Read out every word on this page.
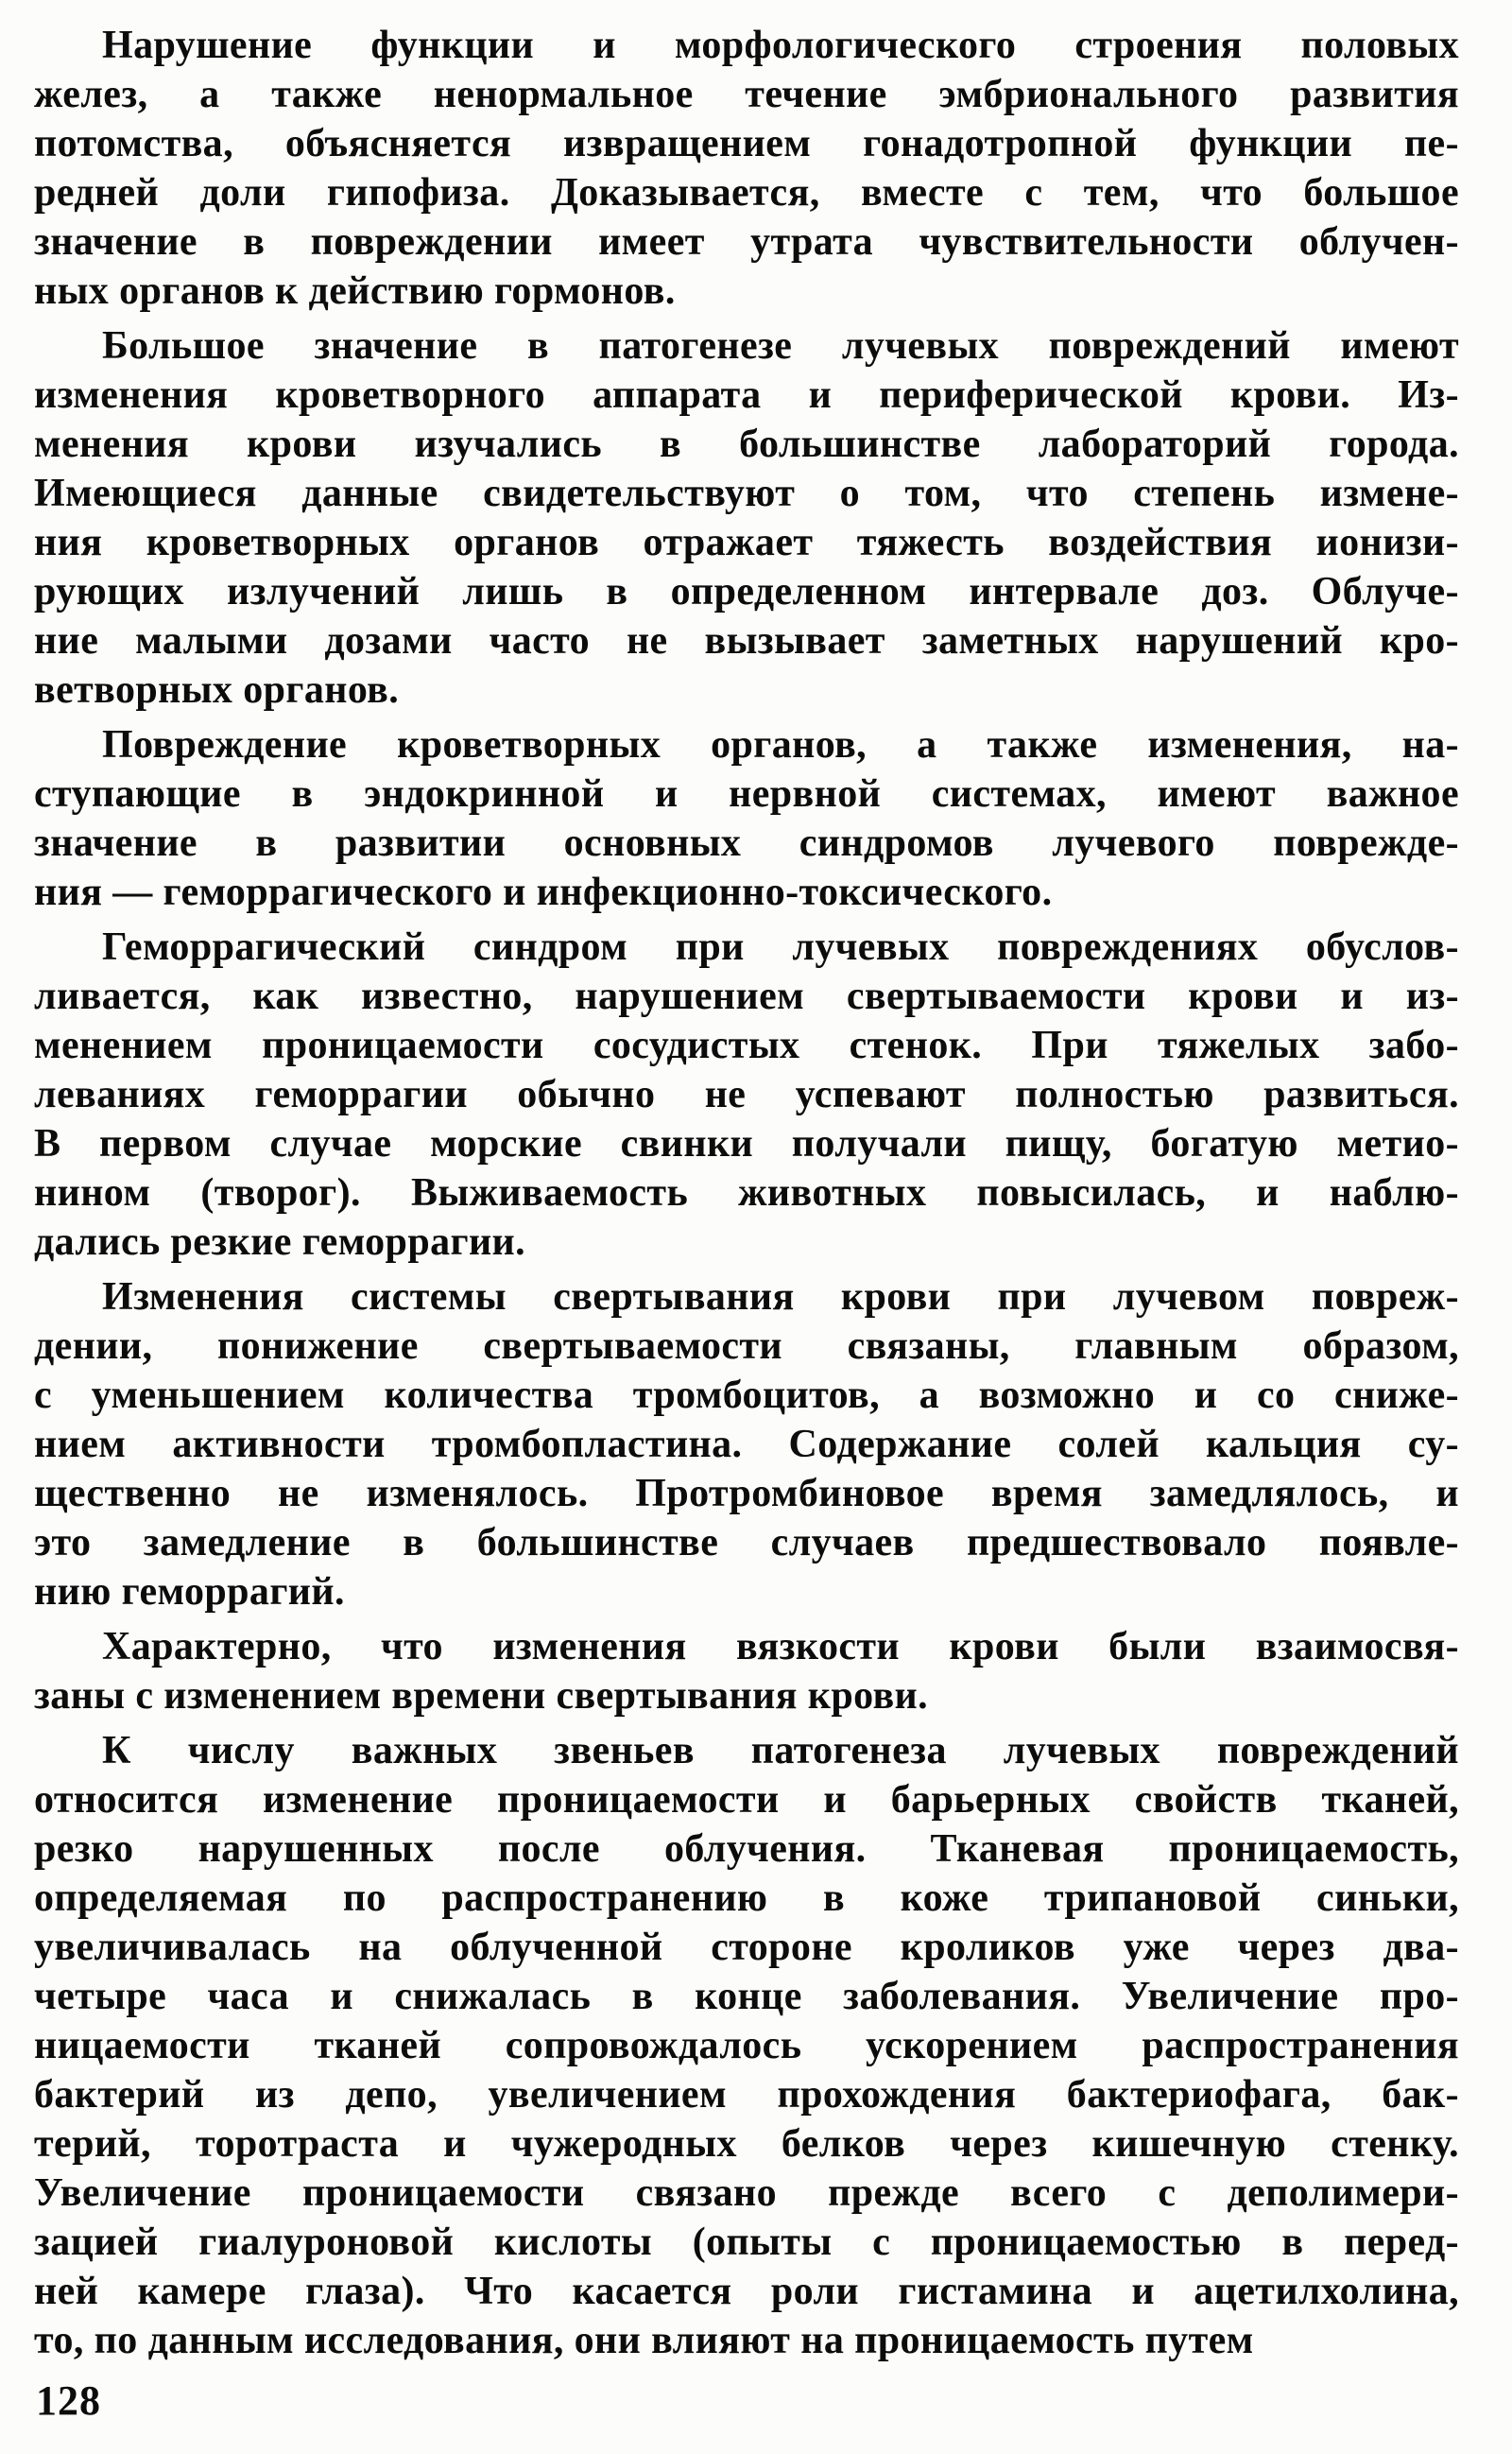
Нарушение функции и морфологического строения половых
желез, а также ненормальное течение эмбрионального развития
потомства, объясняется извращением гонадотропной функции пе-
редней доли гипофиза. Доказывается, вместе с тем, что большое
значение в повреждении имеет утрата чувствительности облучен-
ных органов к действию гормонов.
Большое значение в патогенезе лучевых повреждений имеют
изменения кроветворного аппарата и периферической крови. Из-
менения крови изучались в большинстве лабораторий города.
Имеющиеся данные свидетельствуют о том, что степень измене-
ния кроветворных органов отражает тяжесть воздействия ионизи-
рующих излучений лишь в определенном интервале доз. Облуче-
ние малыми дозами часто не вызывает заметных нарушений кро-
ветворных органов.
Повреждение кроветворных органов, а также изменения, на-
ступающие в эндокринной и нервной системах, имеют важное
значение в развитии основных синдромов лучевого поврежде-
ния — геморрагического и инфекционно-токсического.
Геморрагический синдром при лучевых повреждениях обуслов-
ливается, как известно, нарушением свертываемости крови и из-
менением проницаемости сосудистых стенок. При тяжелых забо-
леваниях геморрагии обычно не успевают полностью развиться.
В первом случае морские свинки получали пищу, богатую метио-
нином (творог). Выживаемость животных повысилась, и наблю-
дались резкие геморрагии.
Изменения системы свертывания крови при лучевом повреж-
дении, понижение свертываемости связаны, главным образом,
с уменьшением количества тромбоцитов, а возможно и со сниже-
нием активности тромбопластина. Содержание солей кальция су-
щественно не изменялось. Протромбиновое время замедлялось, и
это замедление в большинстве случаев предшествовало появле-
нию геморрагий.
Характерно, что изменения вязкости крови были взаимосвя-
заны с изменением времени свертывания крови.
К числу важных звеньев патогенеза лучевых повреждений
относится изменение проницаемости и барьерных свойств тканей,
резко нарушенных после облучения. Тканевая проницаемость,
определяемая по распространению в коже трипановой синьки,
увеличивалась на облученной стороне кроликов уже через два-
четыре часа и снижалась в конце заболевания. Увеличение про-
ницаемости тканей сопровождалось ускорением распространения
бактерий из депо, увеличением прохождения бактериофага, бак-
терий, торотраста и чужеродных белков через кишечную стенку.
Увеличение проницаемости связано прежде всего с деполимери-
зацией гиалуроновой кислоты (опыты с проницаемостью в перед-
ней камере глаза). Что касается роли гистамина и ацетилхолина,
то, по данным исследования, они влияют на проницаемость путем
128
